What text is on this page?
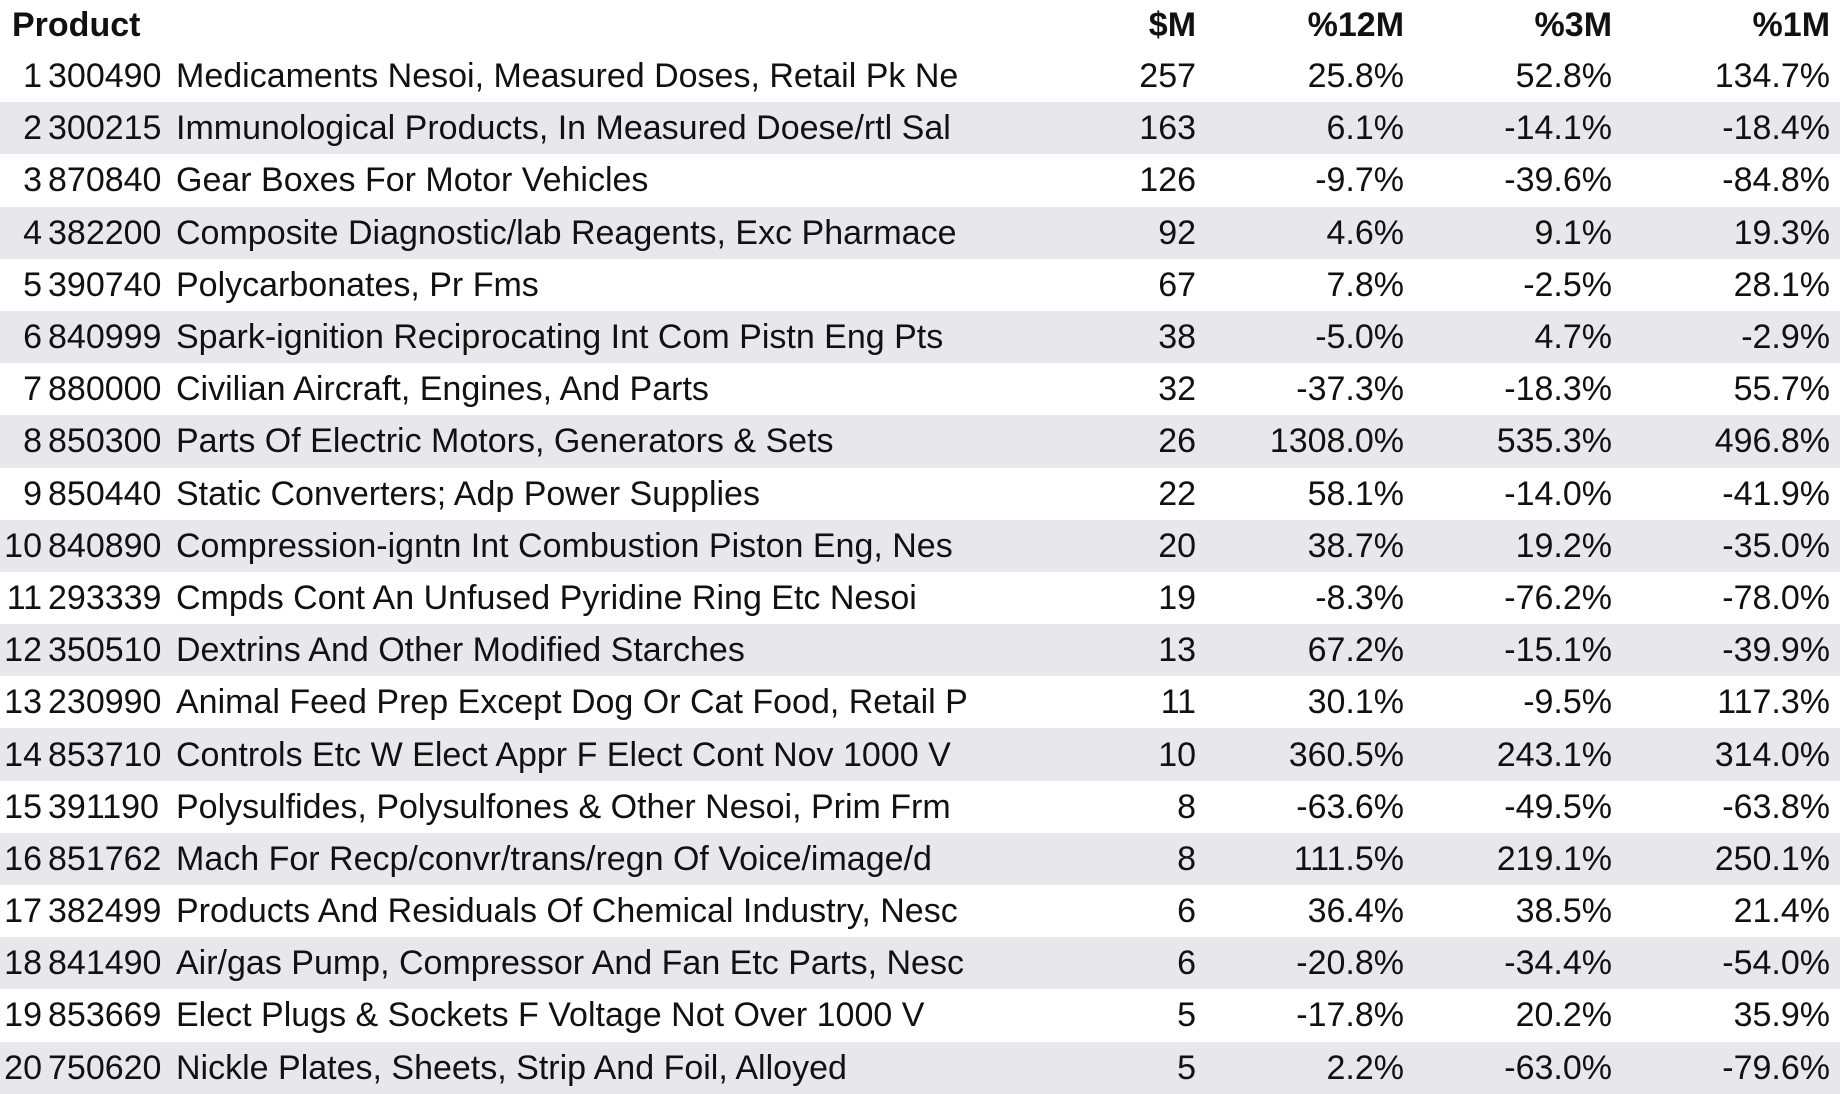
Product			$M	%12M	%3M	%1M
1	300490	Medicaments Nesoi, Measured Doses, Retail Pk Ne	257	25.8%	52.8%	134.7%
2	300215	Immunological Products, In Measured Doese/rtl Sal	163	6.1%	-14.1%	-18.4%
3	870840	Gear Boxes For Motor Vehicles	126	-9.7%	-39.6%	-84.8%
4	382200	Composite Diagnostic/lab Reagents, Exc Pharmace	92	4.6%	9.1%	19.3%
5	390740	Polycarbonates, Pr Fms	67	7.8%	-2.5%	28.1%
6	840999	Spark-ignition Reciprocating Int Com Pistn Eng Pts	38	-5.0%	4.7%	-2.9%
7	880000	Civilian Aircraft, Engines, And Parts	32	-37.3%	-18.3%	55.7%
8	850300	Parts Of Electric Motors, Generators & Sets	26	1308.0%	535.3%	496.8%
9	850440	Static Converters; Adp Power Supplies	22	58.1%	-14.0%	-41.9%
10	840890	Compression-igntn Int Combustion Piston Eng, Nes	20	38.7%	19.2%	-35.0%
11	293339	Cmpds Cont An Unfused Pyridine Ring Etc Nesoi	19	-8.3%	-76.2%	-78.0%
12	350510	Dextrins And Other Modified Starches	13	67.2%	-15.1%	-39.9%
13	230990	Animal Feed Prep Except Dog Or Cat Food, Retail P	11	30.1%	-9.5%	117.3%
14	853710	Controls Etc W Elect Appr F Elect Cont Nov 1000 V	10	360.5%	243.1%	314.0%
15	391190	Polysulfides, Polysulfones & Other Nesoi, Prim Frm	8	-63.6%	-49.5%	-63.8%
16	851762	Mach For Recp/convr/trans/regn Of Voice/image/d	8	111.5%	219.1%	250.1%
17	382499	Products And Residuals Of Chemical Industry, Nesc	6	36.4%	38.5%	21.4%
18	841490	Air/gas Pump, Compressor And Fan Etc Parts, Nesc	6	-20.8%	-34.4%	-54.0%
19	853669	Elect Plugs & Sockets F Voltage Not Over 1000 V	5	-17.8%	20.2%	35.9%
20	750620	Nickle Plates, Sheets, Strip And Foil, Alloyed	5	2.2%	-63.0%	-79.6%
